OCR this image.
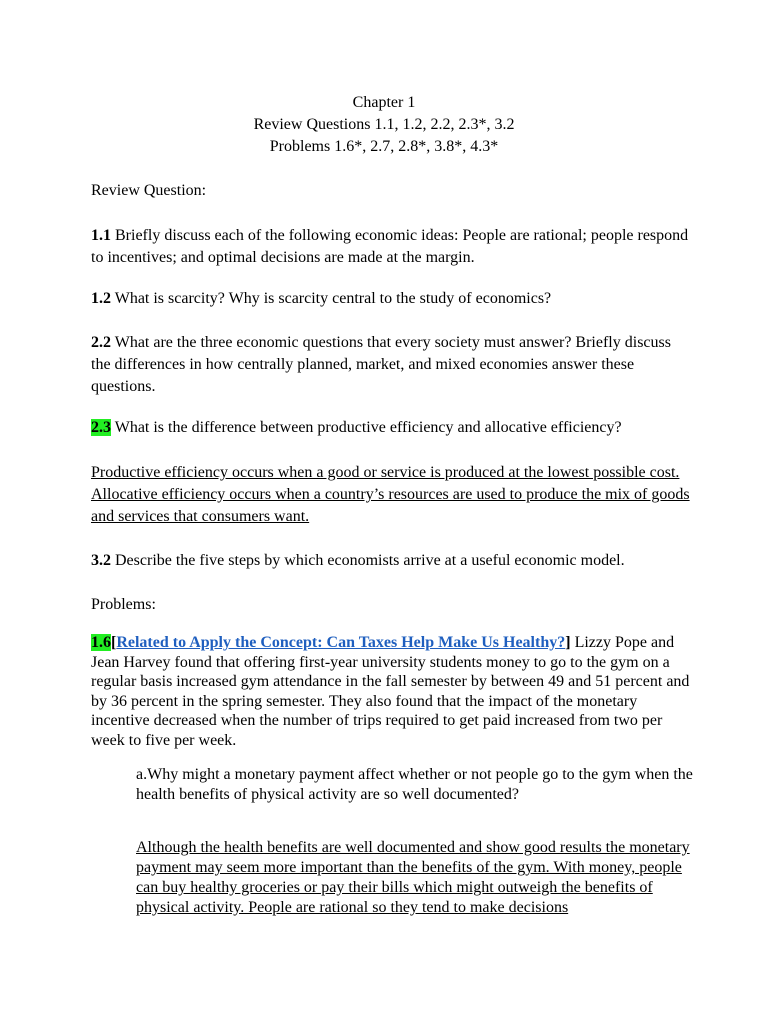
Chapter 1
Review Questions 1.1, 1.2, 2.2, 2.3*, 3.2
Problems 1.6*, 2.7, 2.8*, 3.8*, 4.3*

Review Question:

1.1 Briefly discuss each of the following economic ideas: People are rational; people respond to incentives; and optimal decisions are made at the margin.

1.2 What is scarcity? Why is scarcity central to the study of economics?

2.2 What are the three economic questions that every society must answer? Briefly discuss the differences in how centrally planned, market, and mixed economies answer these questions.

2.3 What is the difference between productive efficiency and allocative efficiency?

Productive efficiency occurs when a good or service is produced at the lowest possible cost. Allocative efficiency occurs when a country’s resources are used to produce the mix of goods and services that consumers want.

3.2 Describe the five steps by which economists arrive at a useful economic model.

Problems:

1.6[Related to Apply the Concept: Can Taxes Help Make Us Healthy?] Lizzy Pope and Jean Harvey found that offering first-year university students money to go to the gym on a regular basis increased gym attendance in the fall semester by between 49 and 51 percent and by 36 percent in the spring semester. They also found that the impact of the monetary incentive decreased when the number of trips required to get paid increased from two per week to five per week.

a.Why might a monetary payment affect whether or not people go to the gym when the health benefits of physical activity are so well documented?

Although the health benefits are well documented and show good results the monetary payment may seem more important than the benefits of the gym. With money, people can buy healthy groceries or pay their bills which might outweigh the benefits of physical activity. People are rational so they tend to make decisions
